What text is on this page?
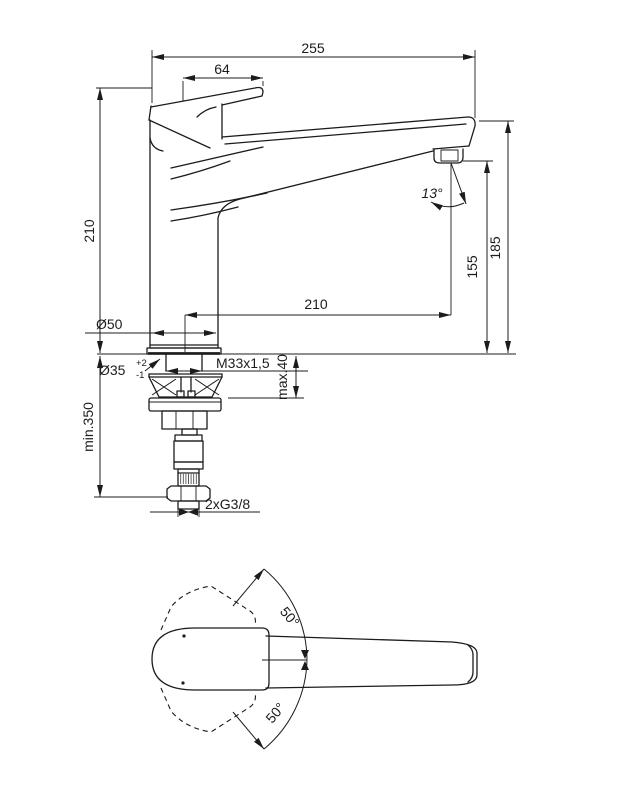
255
64
210
13°
155
185
210
Ø50
Ø35 +2
-1
M33x1,5 max.40
min.350
2xG3/8
50°
50°
